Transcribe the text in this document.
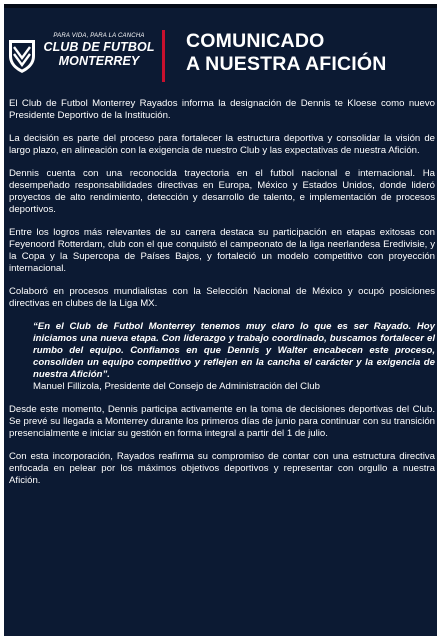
PARA VIDA, PARA LA CANCHA
CLUB DE FUTBOL
MONTERREY
COMUNICADO
A NUESTRA AFICIÓN

El Club de Futbol Monterrey Rayados informa la designación de Dennis te Kloese como nuevo Presidente Deportivo de la Institución.

La decisión es parte del proceso para fortalecer la estructura deportiva y consolidar la visión de largo plazo, en alineación con la exigencia de nuestro Club y las expectativas de nuestra Afición.

Dennis cuenta con una reconocida trayectoria en el futbol nacional e internacional. Ha desempeñado responsabilidades directivas en Europa, México y Estados Unidos, donde lideró proyectos de alto rendimiento, detección y desarrollo de talento, e implementación de procesos deportivos.

Entre los logros más relevantes de su carrera destaca su participación en etapas exitosas con Feyenoord Rotterdam, club con el que conquistó el campeonato de la liga neerlandesa Eredivisie, y la Copa y la Supercopa de Países Bajos, y fortaleció un modelo competitivo con proyección internacional.

Colaboró en procesos mundialistas con la Selección Nacional de México y ocupó posiciones directivas en clubes de la Liga MX.

“En el Club de Futbol Monterrey tenemos muy claro lo que es ser Rayado. Hoy iniciamos una nueva etapa. Con liderazgo y trabajo coordinado, buscamos fortalecer el rumbo del equipo. Confiamos en que Dennis y Walter encabecen este proceso, consoliden un equipo competitivo y reflejen en la cancha el carácter y la exigencia de nuestra Afición”.
Manuel Fillizola, Presidente del Consejo de Administración del Club

Desde este momento, Dennis participa activamente en la toma de decisiones deportivas del Club. Se prevé su llegada a Monterrey durante los primeros días de junio para continuar con su transición presencialmente e iniciar su gestión en forma integral a partir del 1 de julio.

Con esta incorporación, Rayados reafirma su compromiso de contar con una estructura directiva enfocada en pelear por los máximos objetivos deportivos y representar con orgullo a nuestra Afición.
